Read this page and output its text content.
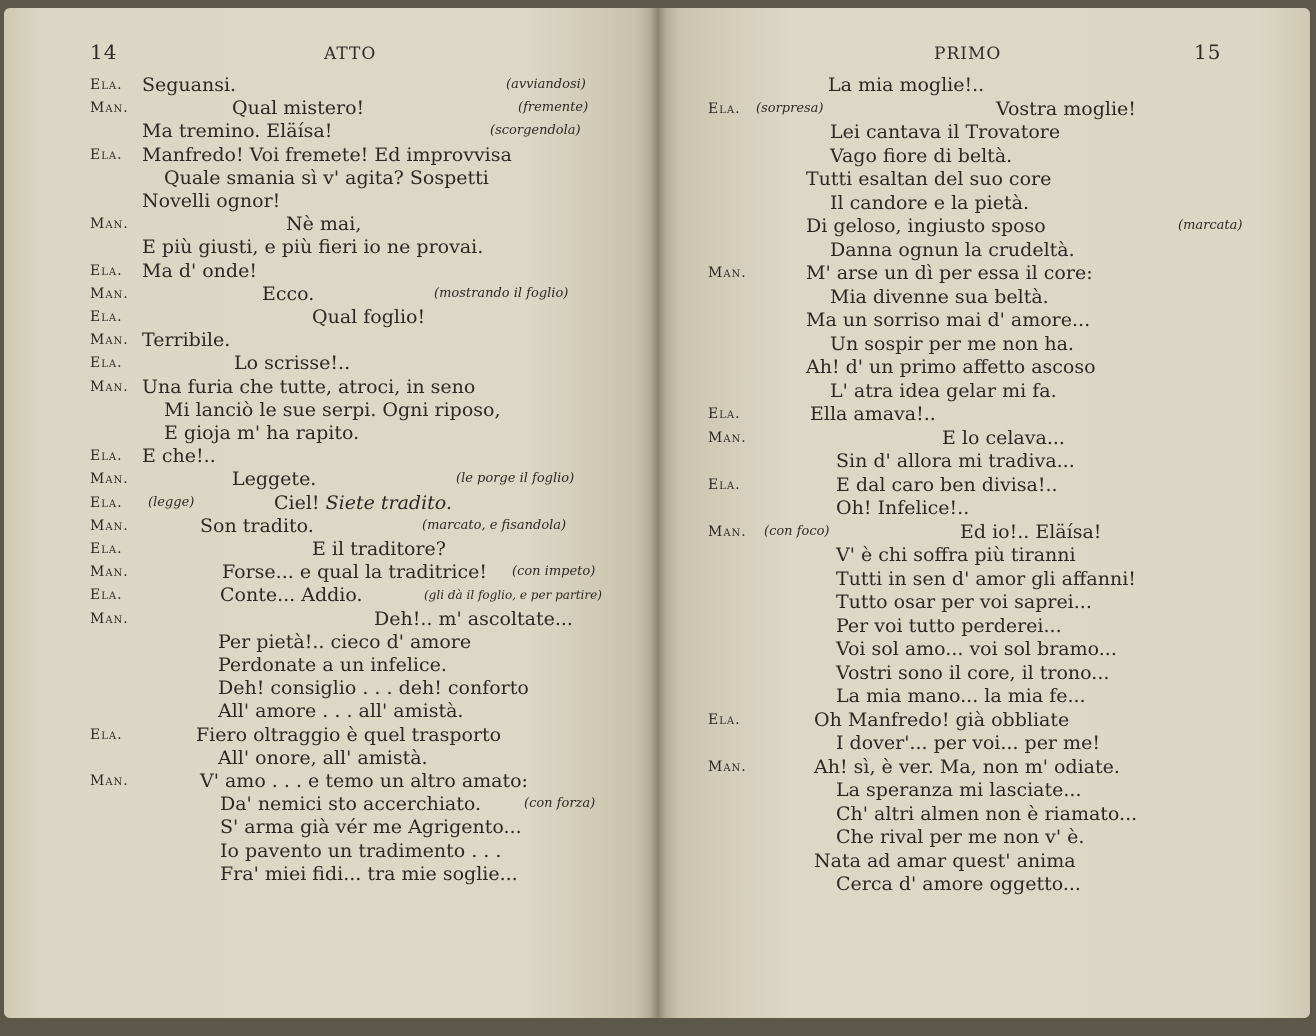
14	ATTO
Ela. Seguansi.	(avviandosi)
Man.	Qual mistero!	(fremente)
Ma tremino. Eläísa!	(scorgendola)
Ela. Manfredo! Voi fremete! Ed improvvisa
Quale smania sì v' agita? Sospetti
Novelli ognor!
Man.	Nè mai,
E più giusti, e più fieri io ne provai.
Ela. Ma d' onde!
Man.	Ecco.	(mostrando il foglio)
Ela.	Qual foglio!
Man. Terribile.
Ela.	Lo scrisse!..
Man. Una furia che tutte, atroci, in seno
Mi lanciò le sue serpi. Ogni riposo,
E gioja m' ha rapito.
Ela. E che!..
Man.	Leggete.	(le porge il foglio)
Ela. (legge)	Ciel! Siete tradito.
Man.	Son tradito.	(marcato, e fisandola)
Ela.	E il traditore?
Man.	Forse... e qual la traditrice! (con impeto)
Ela.	Conte... Addio.	(gli dà il foglio, e per partire)
Man.	Deh!.. m' ascoltate...
Per pietà!.. cieco d' amore
Perdonate a un infelice.
Deh! consiglio . . . deh! conforto
All' amore . . . all' amistà.
Ela.	Fiero oltraggio è quel trasporto
All' onore, all' amistà.
Man.	V' amo . . . e temo un altro amato:
Da' nemici sto accerchiato.	(con forza)
S' arma già vér me Agrigento...
Io pavento un tradimento . . .
Fra' miei fidi... tra mie soglie...
PRIMO	15
La mia moglie!..
Ela. (sorpresa)	Vostra moglie!
Lei cantava il Trovatore
Vago fiore di beltà.
Tutti esaltan del suo core
Il candore e la pietà.
Di geloso, ingiusto sposo	(marcata)
Danna ognun la crudeltà.
Man.	M' arse un dì per essa il core:
Mia divenne sua beltà.
Ma un sorriso mai d' amore...
Un sospir per me non ha.
Ah! d' un primo affetto ascoso
L' atra idea gelar mi fa.
Ela.	Ella amava!..
Man.	E lo celava...
Sin d' allora mi tradiva...
Ela.	E dal caro ben divisa!..
Oh! Infelice!..
Man. (con foco)	Ed io!.. Eläísa!
V' è chi soffra più tiranni
Tutti in sen d' amor gli affanni!
Tutto osar per voi saprei...
Per voi tutto perderei...
Voi sol amo... voi sol bramo...
Vostri sono il core, il trono...
La mia mano... la mia fe...
Ela.	Oh Manfredo! già obbliate
I dover'... per voi... per me!
Man.	Ah! sì, è ver. Ma, non m' odiate.
La speranza mi lasciate...
Ch' altri almen non è riamato...
Che rival per me non v' è.
Nata ad amar quest' anima
Cerca d' amore oggetto...
